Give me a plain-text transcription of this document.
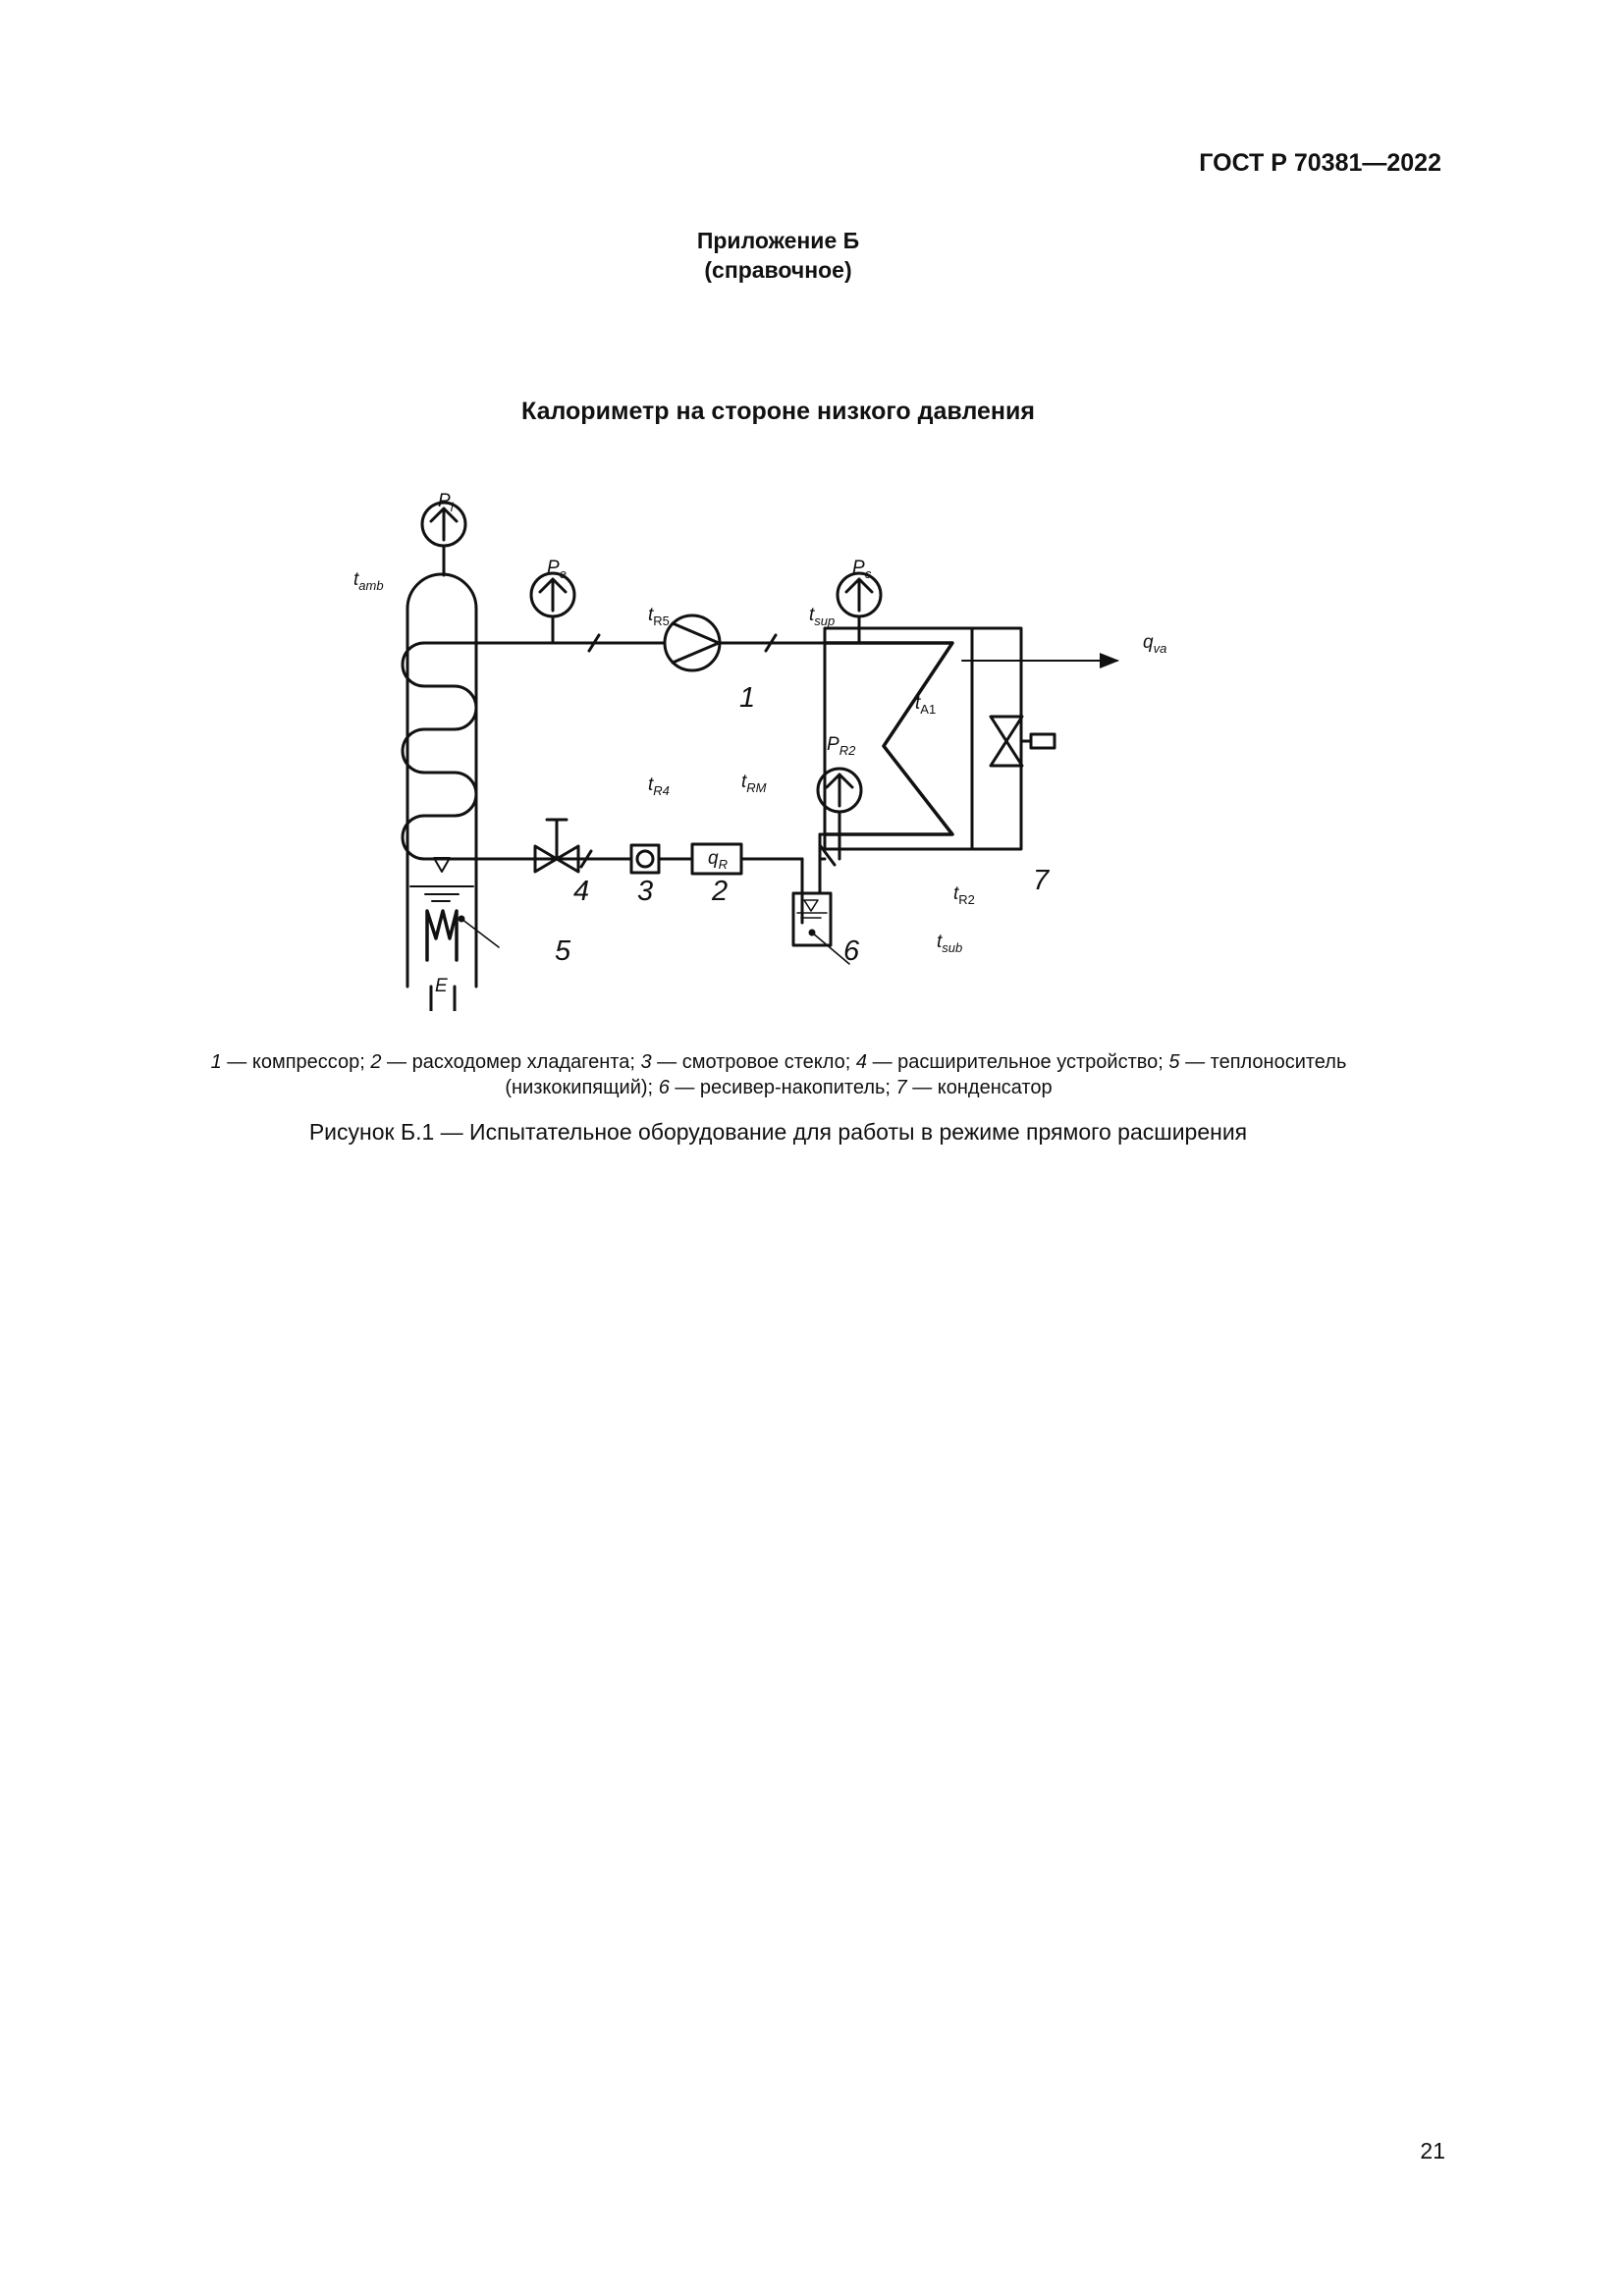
ГОСТ Р 70381—2022
Приложение Б
(справочное)
Калориметр на стороне низкого давления
$P_i$
$t_{amb}$
$P_e$
$t_{R5}$	$t_{sup}$
$P_c$
$q_{va}$
$t_{A1}$
$P_{R2}$
$t_{R4}$	$t_{RM}$
$q_R$
$t_{R2}$
$t_{sub}$
E
1
2
3
4
5	6
7
1 — компрессор; 2 — расходомер хладагента; 3 — смотровое стекло; 4 — расширительное устройство; 5 — теплоноситель
(низкокипящий); 6 — ресивер-накопитель; 7 — конденсатор
Рисунок Б.1 — Испытательное оборудование для работы в режиме прямого расширения
21
